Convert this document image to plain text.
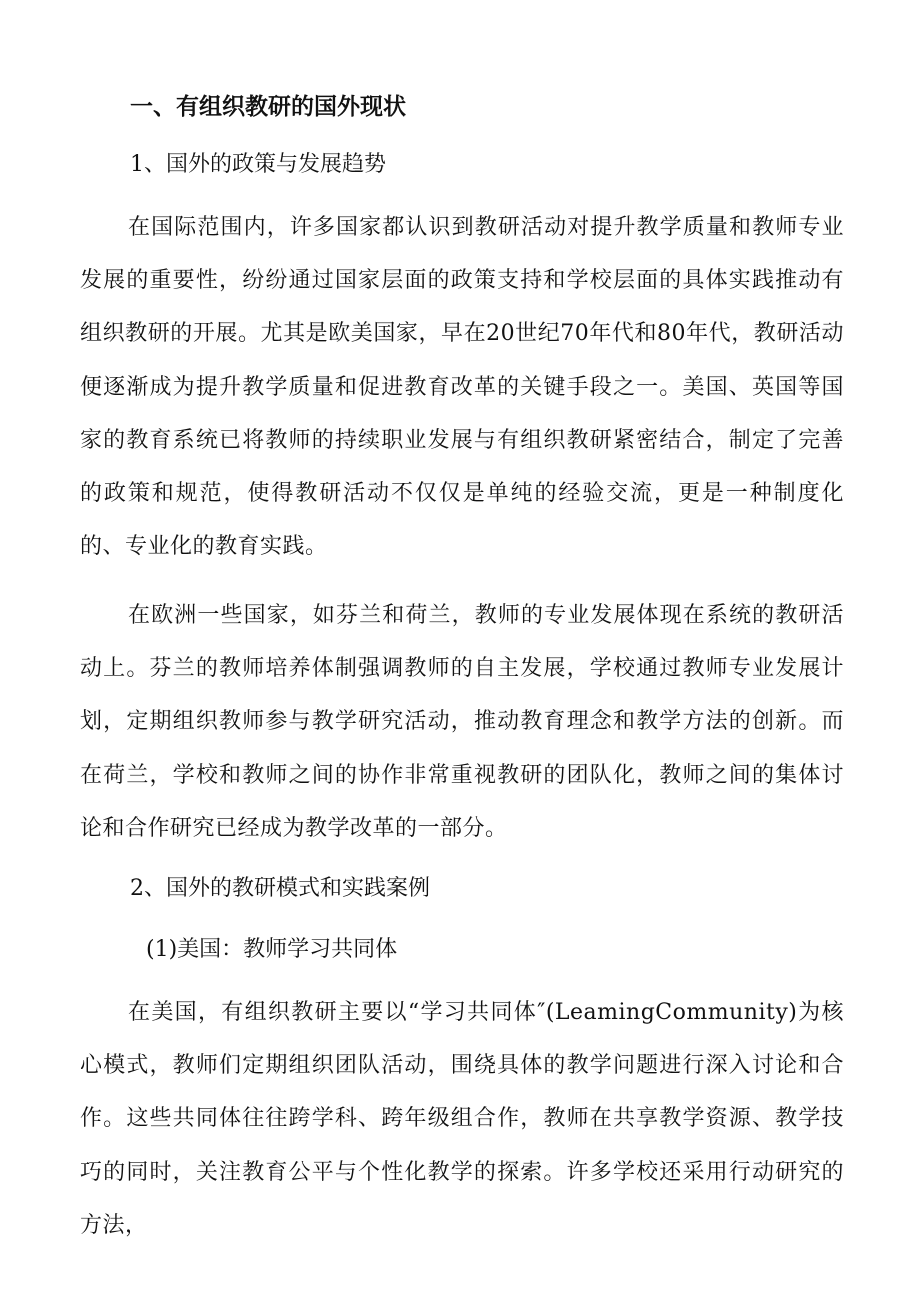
一、有组织教研的国外现状
1、国外的政策与发展趋势
在国际范围内，许多国家都认识到教研活动对提升教学质量和教师专业发展的重要性，纷纷通过国家层面的政策支持和学校层面的具体实践推动有组织教研的开展。尤其是欧美国家，早在20世纪70年代和80年代，教研活动便逐渐成为提升教学质量和促进教育改革的关键手段之一。美国、英国等国家的教育系统已将教师的持续职业发展与有组织教研紧密结合，制定了完善的政策和规范，使得教研活动不仅仅是单纯的经验交流，更是一种制度化的、专业化的教育实践。
在欧洲一些国家，如芬兰和荷兰，教师的专业发展体现在系统的教研活动上。芬兰的教师培养体制强调教师的自主发展，学校通过教师专业发展计划，定期组织教师参与教学研究活动，推动教育理念和教学方法的创新。而在荷兰，学校和教师之间的协作非常重视教研的团队化，教师之间的集体讨论和合作研究已经成为教学改革的一部分。
2、国外的教研模式和实践案例
(1)美国：教师学习共同体
在美国，有组织教研主要以“学习共同体″(LeamingCommunity)为核心模式，教师们定期组织团队活动，围绕具体的教学问题进行深入讨论和合作。这些共同体往往跨学科、跨年级组合作，教师在共享教学资源、教学技巧的同时，关注教育公平与个性化教学的探索。许多学校还采用行动研究的方法，
